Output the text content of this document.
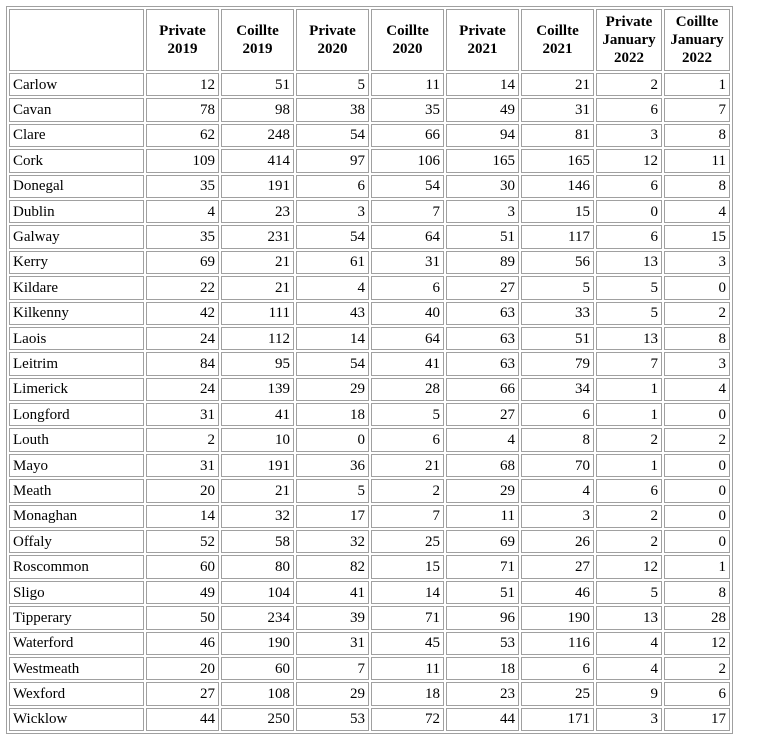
	Private 2019	Coillte 2019	Private 2020	Coillte 2020	Private 2021	Coillte 2021	Private January 2022	Coillte January 2022
Carlow	12	51	5	11	14	21	2	1
Cavan	78	98	38	35	49	31	6	7
Clare	62	248	54	66	94	81	3	8
Cork	109	414	97	106	165	165	12	11
Donegal	35	191	6	54	30	146	6	8
Dublin	4	23	3	7	3	15	0	4
Galway	35	231	54	64	51	117	6	15
Kerry	69	21	61	31	89	56	13	3
Kildare	22	21	4	6	27	5	5	0
Kilkenny	42	111	43	40	63	33	5	2
Laois	24	112	14	64	63	51	13	8
Leitrim	84	95	54	41	63	79	7	3
Limerick	24	139	29	28	66	34	1	4
Longford	31	41	18	5	27	6	1	0
Louth	2	10	0	6	4	8	2	2
Mayo	31	191	36	21	68	70	1	0
Meath	20	21	5	2	29	4	6	0
Monaghan	14	32	17	7	11	3	2	0
Offaly	52	58	32	25	69	26	2	0
Roscommon	60	80	82	15	71	27	12	1
Sligo	49	104	41	14	51	46	5	8
Tipperary	50	234	39	71	96	190	13	28
Waterford	46	190	31	45	53	116	4	12
Westmeath	20	60	7	11	18	6	4	2
Wexford	27	108	29	18	23	25	9	6
Wicklow	44	250	53	72	44	171	3	17
